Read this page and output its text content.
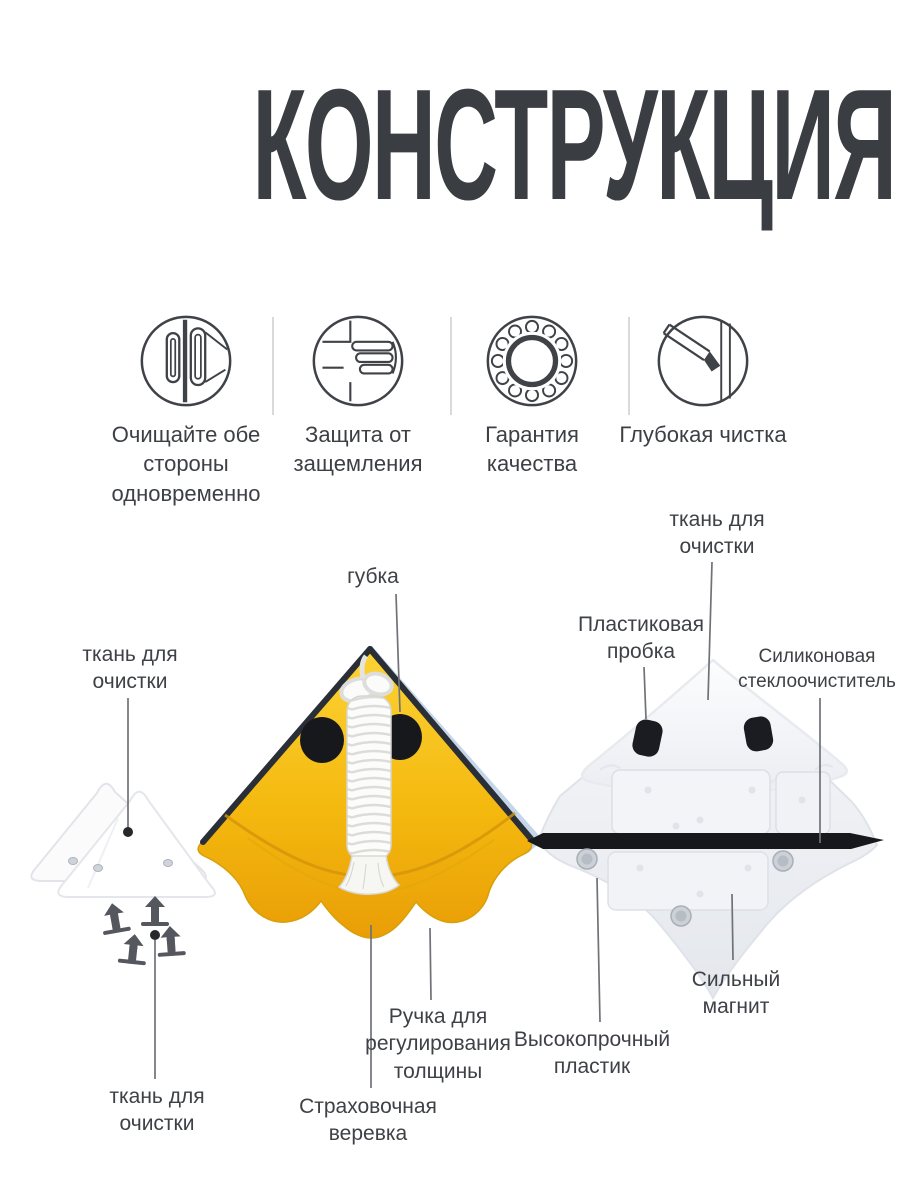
КОНСТРУКЦИЯ
Очищайте обе стороны одновременно
Защита от защемления
Гарантия качества
Глубокая чистка
губка
ткань для очистки
Пластиковая пробка	Силиконовая стеклоочиститель
ткань для очистки
Сильный магнит
Высокопрочный пластик
Страховочная веревка
Ручка для регулирования толщины
ткань для очистки
